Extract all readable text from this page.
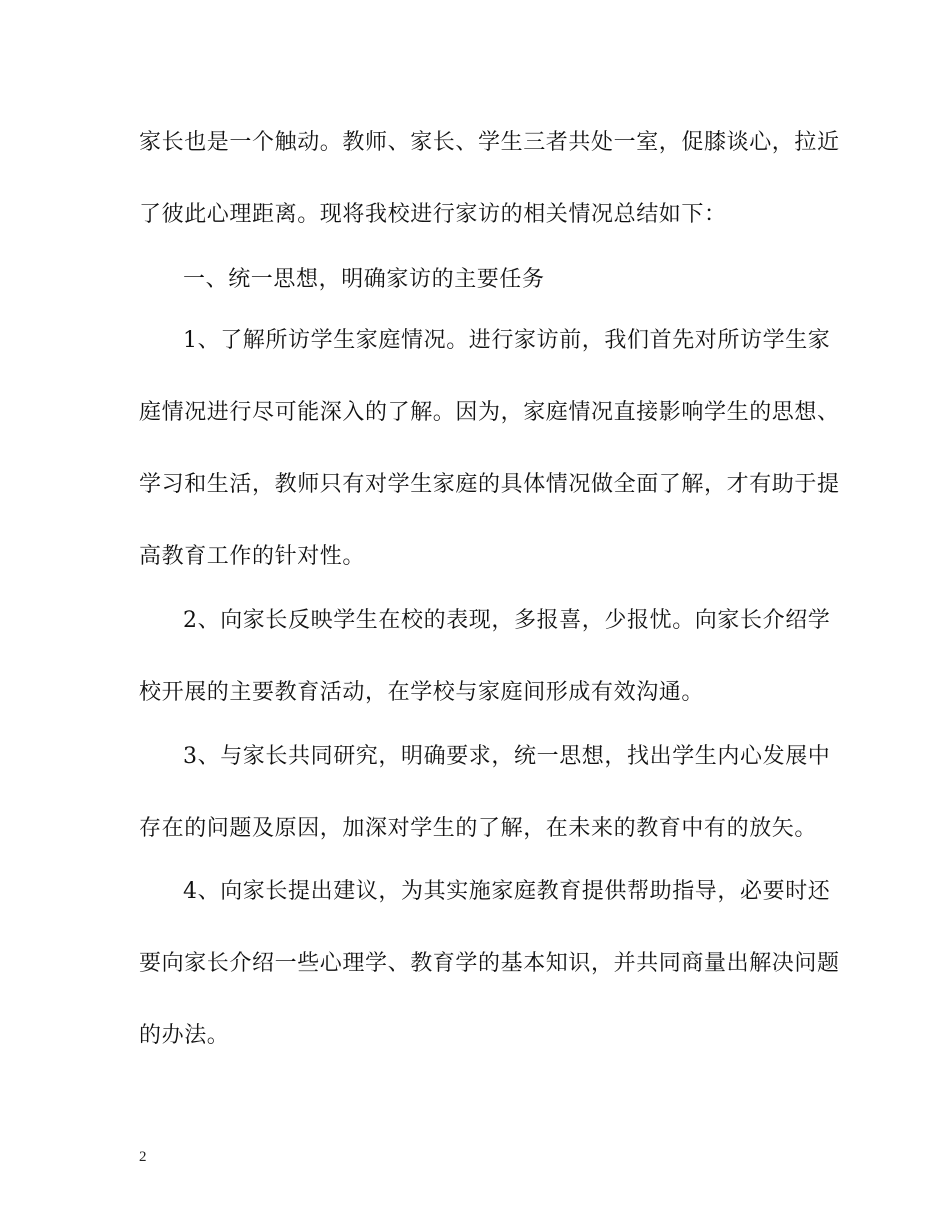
家长也是一个触动。教师、家长、学生三者共处一室，促膝谈心，拉近
了彼此心理距离。现将我校进行家访的相关情况总结如下：
一、统一思想，明确家访的主要任务
1、了解所访学生家庭情况。进行家访前，我们首先对所访学生家
庭情况进行尽可能深入的了解。因为，家庭情况直接影响学生的思想、
学习和生活，教师只有对学生家庭的具体情况做全面了解，才有助于提
高教育工作的针对性。
2、向家长反映学生在校的表现，多报喜，少报忧。向家长介绍学
校开展的主要教育活动，在学校与家庭间形成有效沟通。
3、与家长共同研究，明确要求，统一思想，找出学生内心发展中
存在的问题及原因，加深对学生的了解，在未来的教育中有的放矢。
4、向家长提出建议，为其实施家庭教育提供帮助指导，必要时还
要向家长介绍一些心理学、教育学的基本知识，并共同商量出解决问题
的办法。
2
